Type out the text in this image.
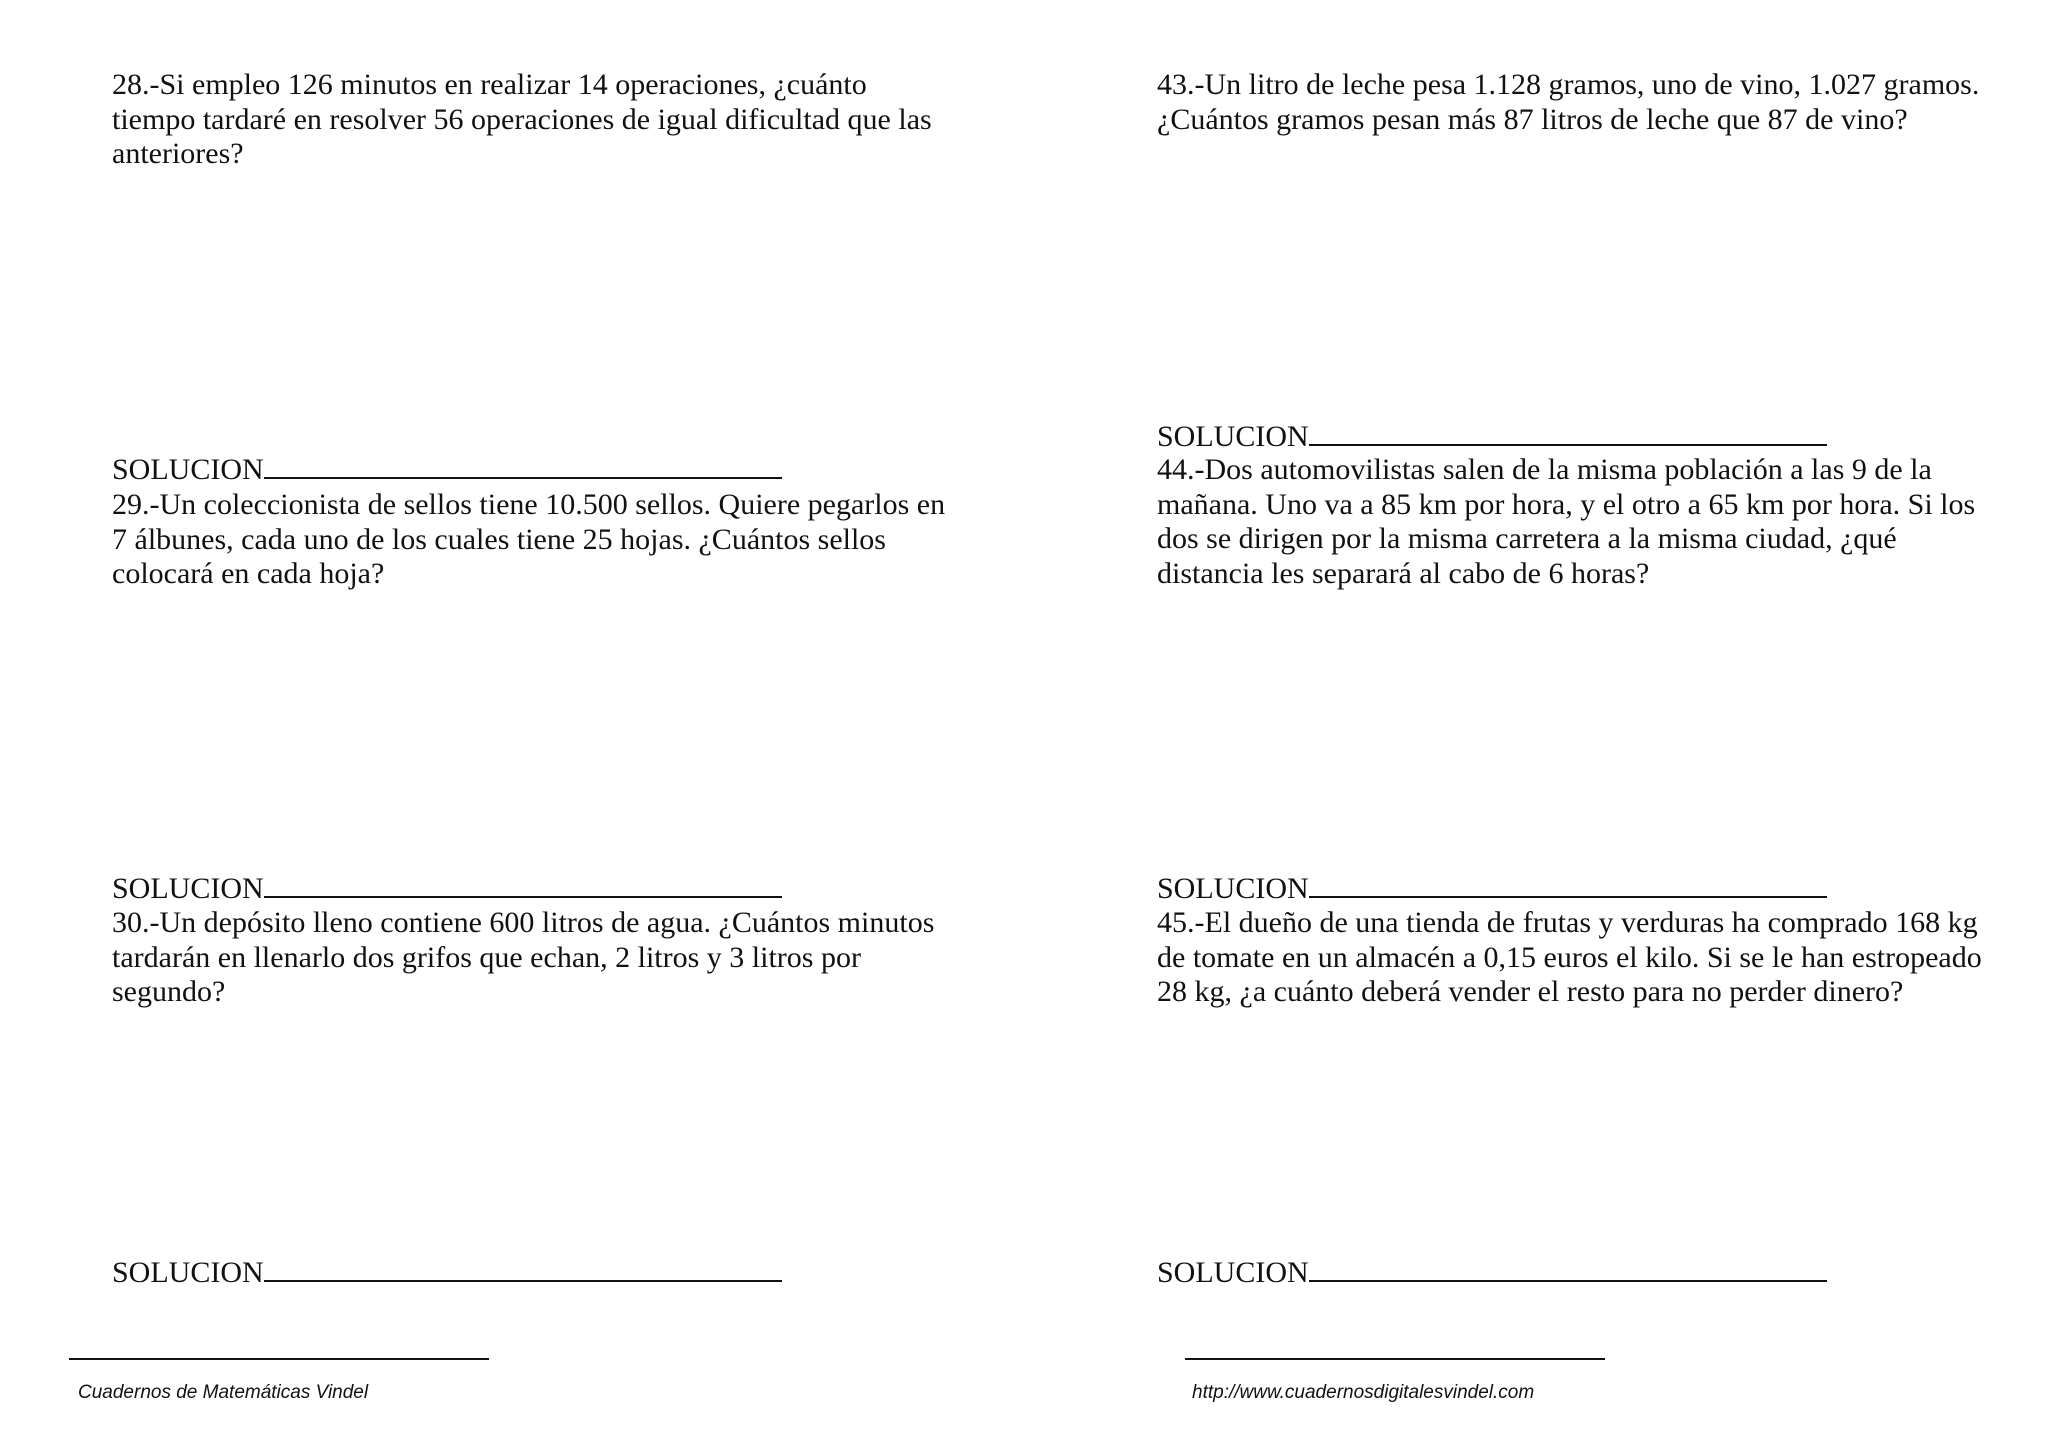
28.-Si empleo 126 minutos en realizar 14 operaciones, ¿cuánto
tiempo tardaré en resolver 56 operaciones de igual dificultad que las
anteriores?

SOLUCION

29.-Un coleccionista de sellos tiene 10.500 sellos. Quiere pegarlos en
7 álbunes, cada uno de los cuales tiene 25 hojas. ¿Cuántos sellos
colocará en cada hoja?

SOLUCION

30.-Un depósito lleno contiene 600 litros de agua. ¿Cuántos minutos
tardarán en llenarlo dos grifos que echan, 2 litros y 3 litros por
segundo?

SOLUCION

43.-Un litro de leche pesa 1.128 gramos, uno de vino, 1.027 gramos.
¿Cuántos gramos pesan más 87 litros de leche que 87 de vino?

SOLUCION

44.-Dos automovilistas salen de la misma población a las 9 de la
mañana. Uno va a 85 km por hora, y el otro a 65 km por hora. Si los
dos se dirigen por la misma carretera a la misma ciudad, ¿qué
distancia les separará al cabo de 6 horas?

SOLUCION

45.-El dueño de una tienda de frutas y verduras ha comprado 168 kg
de tomate en un almacén a 0,15 euros el kilo. Si se le han estropeado
28 kg, ¿a cuánto deberá vender el resto para no perder dinero?

SOLUCION
Cuadernos de Matemáticas Vindel	http://www.cuadernosdigitalesvindel.com
